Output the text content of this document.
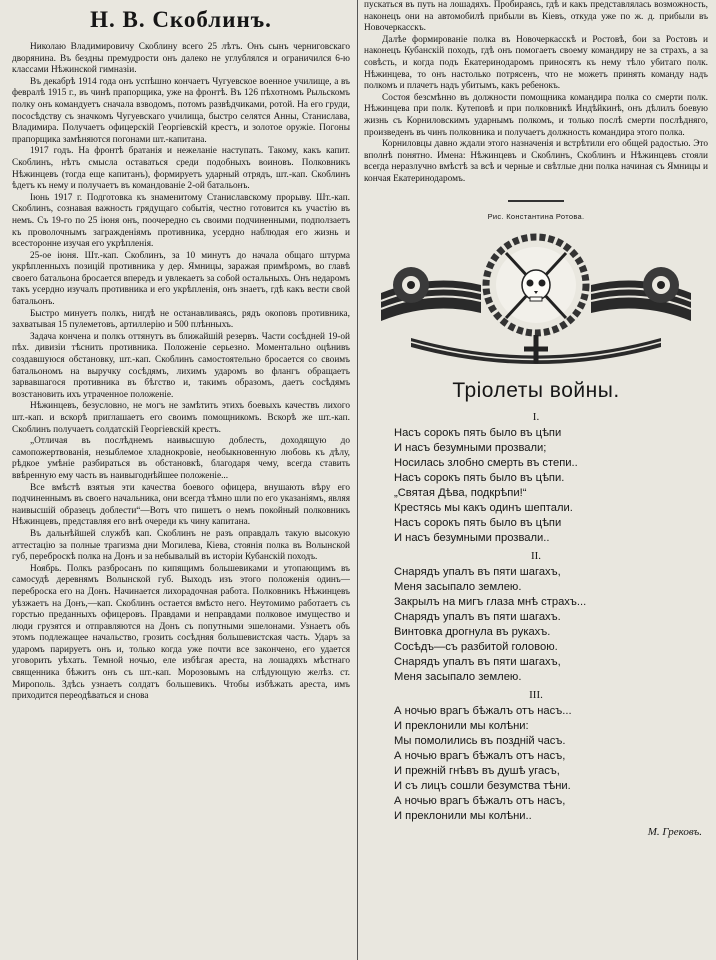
Н. В. Скоблинъ.

Николаю Владимировичу Скоблину всего 25 лѣтъ. Онъ сынъ черниговскаго дворянина. Въ бездны премудрости онъ далеко не углублялся и ограничился 6-ю классами Нѣжинской гимназіи.

Въ декабрѣ 1914 года онъ успѣшно кончаетъ Чугуевское военное училище, а въ февралѣ 1915 г., въ чинѣ прапорщика, уже на фронтѣ. Въ 126 пѣхотномъ Рыльскомъ полку онъ командуетъ сначала взводомъ, потомъ развѣдчиками, ротой. На его груди, пососѣдству съ значкомъ Чугуевскаго училища, быстро селятся Анны, Станислава, Владимира. Получаетъ офицерскій Георгіевскій крестъ, и золотое оружіе. Погоны прапорщика замѣняются погонами шт.-капитана.

1917 годъ. На фронтѣ братанія и нежеланіе наступать. Такому, какъ капит. Скоблинъ, нѣтъ смысла оставаться среди подобныхъ воиновъ. Полковникъ Нѣжинцевъ (тогда еще капитанъ), формируетъ ударный отрядъ, шт.-кап. Скоблинъ ѣдетъ къ нему и получаетъ въ командованіе 2-ой батальонъ.

Іюнь 1917 г. Подготовка къ знаменитому Станиславскому прорыву. Шт.-кап. Скоблинъ, сознавая важность грядущаго событія, честно готовится къ участію въ немъ. Съ 19-го по 25 іюня онъ, поочередно съ своими подчиненными, подползаетъ къ проволочнымъ загражденіямъ противника, усердно наблюдая его жизнь и всесторонне изучая его укрѣпленія.

25-ое іюня. Шт.-кап. Скоблинъ, за 10 минутъ до начала общаго штурма укрѣпленныхъ позицій противника у дер. Ямницы, заражая примѣромъ, во главѣ своего батальона бросается впередъ и увлекаетъ за собой остальныхъ. Онъ недаромъ такъ усердно изучалъ противника и его укрѣпленія, онъ знаетъ, гдѣ какъ вести свой батальонъ.

Быстро минуетъ полкъ, нигдѣ не останавливаясь, рядъ окоповъ противника, захватывая 15 пулеметовъ, артиллерію и 500 плѣнныхъ.

Задача кончена и полкъ оттянутъ въ ближайшій резервъ. Части соcѣдней 19-ой пѣх. дивизіи тѣснить противника. Положеніе серьезно. Моментально оцѣнивъ создавшуюся обстановку, шт.-кап. Скоблинъ самостоятельно бросается со своимъ батальономъ на выручку сосѣдямъ, лихимъ ударомъ во флангъ обращаетъ зарвавшагося противника въ бѣгство и, такимъ образомъ, даетъ сосѣдямъ возстановить ихъ утраченное положеніе.

Нѣжинцевъ, безусловно, не могъ не замѣтить этихъ боевыхъ качествъ лихого шт.-кап. и вскорѣ приглашаетъ его своимъ помощникомъ. Вскорѣ же шт.-кап. Скоблинъ получаетъ солдатскій Георгіевскій крестъ.

„Отличая въ послѣднемъ наивысшую доблесть, доходящую до самопожертвованія, незыблемое хладнокровіе, необыкновенную любовь къ дѣлу, рѣдкое умѣніе разбираться въ обстановкѣ, благодаря чему, всегда ставить ввѣренную ему часть въ наивыгоднѣйшее положеніе...

Все вмѣстѣ взятыя эти качества боевого офицера, внушають вѣру его подчиненнымъ въ своего начальника, они всегда тѣмно шли по его указаніямъ, являя наивысшій образецъ доблести“—Вотъ что пишетъ о немъ покойный полковникъ Нѣжинцевъ, представляя его внѣ очереди къ чину капитана.

Въ дальнѣйшей службѣ кап. Скоблинъ не разъ оправдалъ такую высокую аттестацію за полные трагизма дни Могилева, Кіева, стоянія полка въ Волынской губ, переброскѣ полка на Донъ и за небывалый въ исторіи Кубанскій походъ.

Ноябрь. Полкъ разбросанъ по кипящимъ большевиками и утопающимъ въ самосудѣ деревнямъ Волынской губ. Выходъ изъ этого положенія одинъ—переброска его на Донъ. Начинается лихорадочная работа. Полковникъ Нѣжинцевъ уѣзжаетъ на Донъ,—кап. Скоблинъ остается вмѣсто него. Неутомимо работаетъ съ горстью преданныхъ офицеровъ. Правдами и неправдами полковое имущество и люди грузятся и отправляются на Донъ съ попутными эшелонами. Узнаетъ объ этомъ подлежащее начальство, грозить сосѣдняя большевистская часть. Ударъ за ударомъ парируетъ онъ и, только когда уже почти все закончено, его удается уговорить уѣхать. Темной ночью, еле избѣгая ареста, на лошадяхъ мѣстнаго священника бѣжитъ онъ съ шт.-кап. Морозовымъ на слѣдующую желѣз. ст. Мирополь. Здѣсь узнаетъ солдатъ большевикъ. Чтобы избѣжать ареста, имъ приходится переодѣваться и снова

пускаться въ путь на лошадяхъ. Пробираясь, гдѣ и какъ представлялась возможность, наконецъ они на автомобилѣ прибыли въ Кіевъ, откуда уже по ж. д. прибыли въ Новочеркасскъ.

Далѣе формированіе полка въ Новочеркасскѣ и Ростовѣ, бои за Ростовъ и наконецъ Кубанскій походъ, гдѣ онъ помогаетъ своему командиру не за страхъ, а за совѣсть, и когда подъ Екатеринодаромъ приносятъ къ нему тѣло убитаго полк. Нѣжинцева, то онъ настолько потрясенъ, что не можетъ принять команду надъ полкомъ и плачетъ надъ убитымъ, какъ ребенокъ.

Состоя безсмѣнно въ должности помощника командира полка со смерти полк. Нѣжинцева при полк. Кутеповѣ и при полковникѣ Индѣйкинѣ, онъ дѣлилъ боевую жизнь съ Корниловскимъ ударнымъ полкомъ, и только послѣ смерти послѣдняго, произведенъ въ чинъ полковника и получаетъ должность командира этого полка.

Корниловцы давно ждали этого назначенія и встрѣтили его общей радостью. Это вполнѣ понятно. Имена: Нѣжинцевъ и Скоблинъ, Скоблинъ и Нѣжинцевъ стояли всегда неразлучно вмѣстѣ за всѣ и черные и свѣтлые дни полка начиная съ Ямницы и кончая Екатеринодаромъ.

Рис. Константина Ротова.
Тріолеты войны.
I.
Насъ сорокъ пять было въ цѣпи
И насъ безумными прозвали;
Носилась злобно смерть въ степи..
Насъ сорокъ пять было въ цѣпи.
„Святая Дѣва, подкрѣпи!“
Крестясь мы какъ одинъ шептали.
Насъ сорокъ пять было въ цѣпи
И насъ безумными прозвали..
II.
Снарядъ упалъ въ пяти шагахъ,
Меня засыпало землею.
Закрылъ на мигъ глаза мнѣ страхъ...
Снарядъ упалъ въ пяти шагахъ.
Винтовка дрогнула въ рукахъ.
Сосѣдъ—съ разбитой головою.
Снарядъ упалъ въ пяти шагахъ,
Меня засыпало землею.
III.
А ночью врагъ бѣжалъ отъ насъ...
И преклонили мы колѣни:
Мы помолились въ поздній часъ.
А ночью врагъ бѣжалъ отъ насъ,
И прежній гнѣвъ въ душѣ угасъ,
И съ лицъ сошли безумства тѣни.
А ночью врагъ бѣжалъ отъ насъ,
И преклонили мы колѣни..
М. Грековъ.
